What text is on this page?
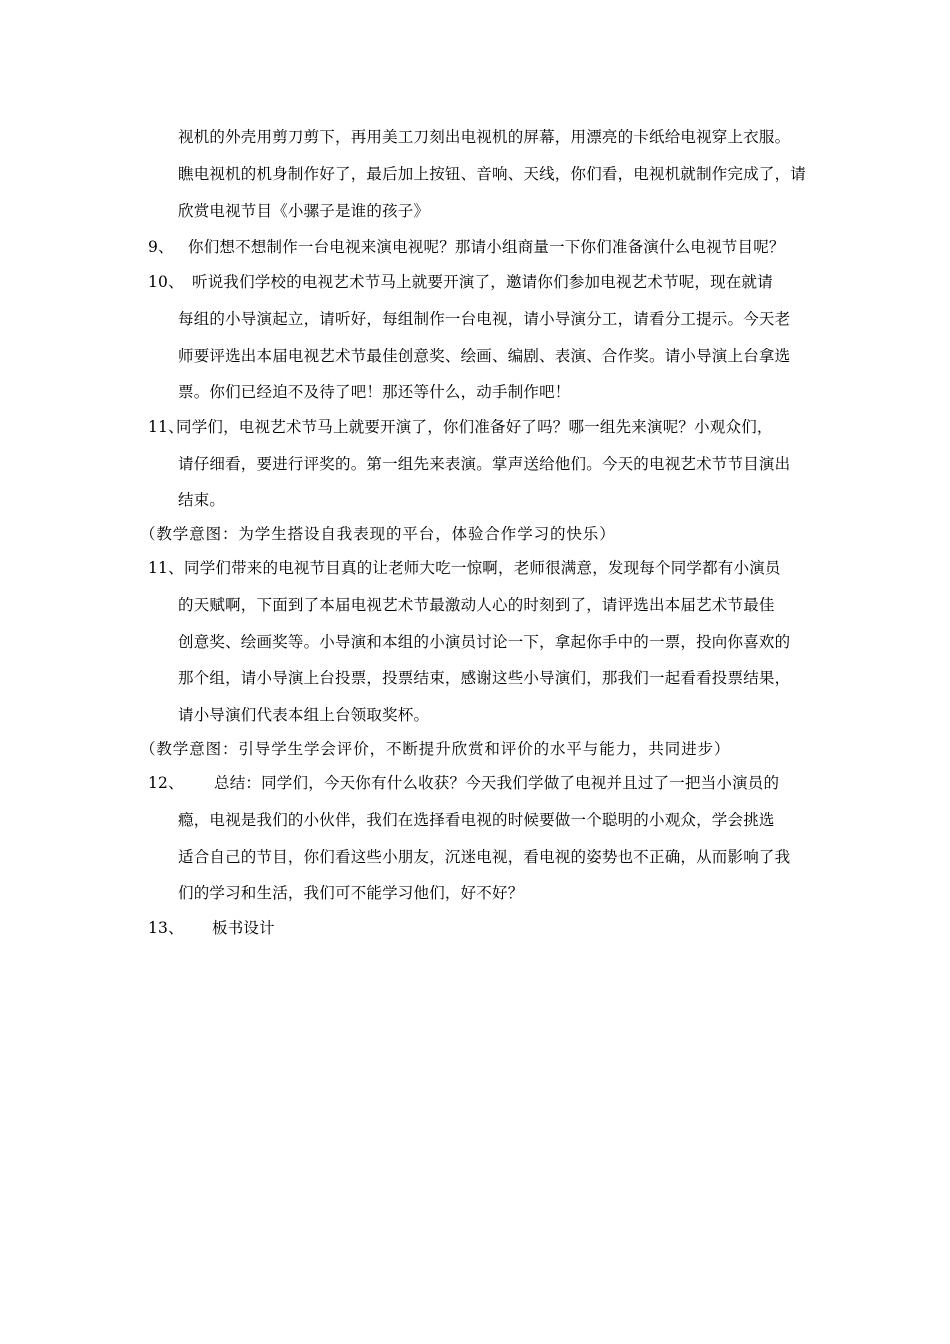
视机的外壳用剪刀剪下，再用美工刀刻出电视机的屏幕，用漂亮的卡纸给电视穿上衣服。
瞧电视机的机身制作好了，最后加上按钮、音响、天线，你们看，电视机就制作完成了，请
欣赏电视节目《小骡子是谁的孩子》
9、 你们想不想制作一台电视来演电视呢？那请小组商量一下你们准备演什么电视节目呢？
10、 听说我们学校的电视艺术节马上就要开演了，邀请你们参加电视艺术节呢，现在就请
每组的小导演起立，请听好，每组制作一台电视，请小导演分工，请看分工提示。今天老
师要评选出本届电视艺术节最佳创意奖、绘画、编剧、表演、合作奖。请小导演上台拿选
票。你们已经迫不及待了吧！那还等什么，动手制作吧！
11、
同学们，电视艺术节马上就要开演了，你们准备好了吗？哪一组先来演呢？小观众们，
请仔细看，要进行评奖的。第一组先来表演。掌声送给他们。今天的电视艺术节节目演出
结束。
（教学意图：为学生搭设自我表现的平台，体验合作学习的快乐）
11、 同学们带来的电视节目真的让老师大吃一惊啊，老师很满意，发现每个同学都有小演员
的天赋啊，下面到了本届电视艺术节最激动人心的时刻到了，请评选出本届艺术节最佳
创意奖、绘画奖等。小导演和本组的小演员讨论一下，拿起你手中的一票，投向你喜欢的
那个组，请小导演上台投票，投票结束，感谢这些小导演们，那我们一起看看投票结果，
请小导演们代表本组上台领取奖杯。
（教学意图：引导学生学会评价，不断提升欣赏和评价的水平与能力，共同进步）
12、 总结：同学们，今天你有什么收获？今天我们学做了电视并且过了一把当小演员的
瘾，电视是我们的小伙伴，我们在选择看电视的时候要做一个聪明的小观众，学会挑选
适合自己的节目，你们看这些小朋友，沉迷电视，看电视的姿势也不正确，从而影响了我
们的学习和生活，我们可不能学习他们，好不好？
13、 板书设计
